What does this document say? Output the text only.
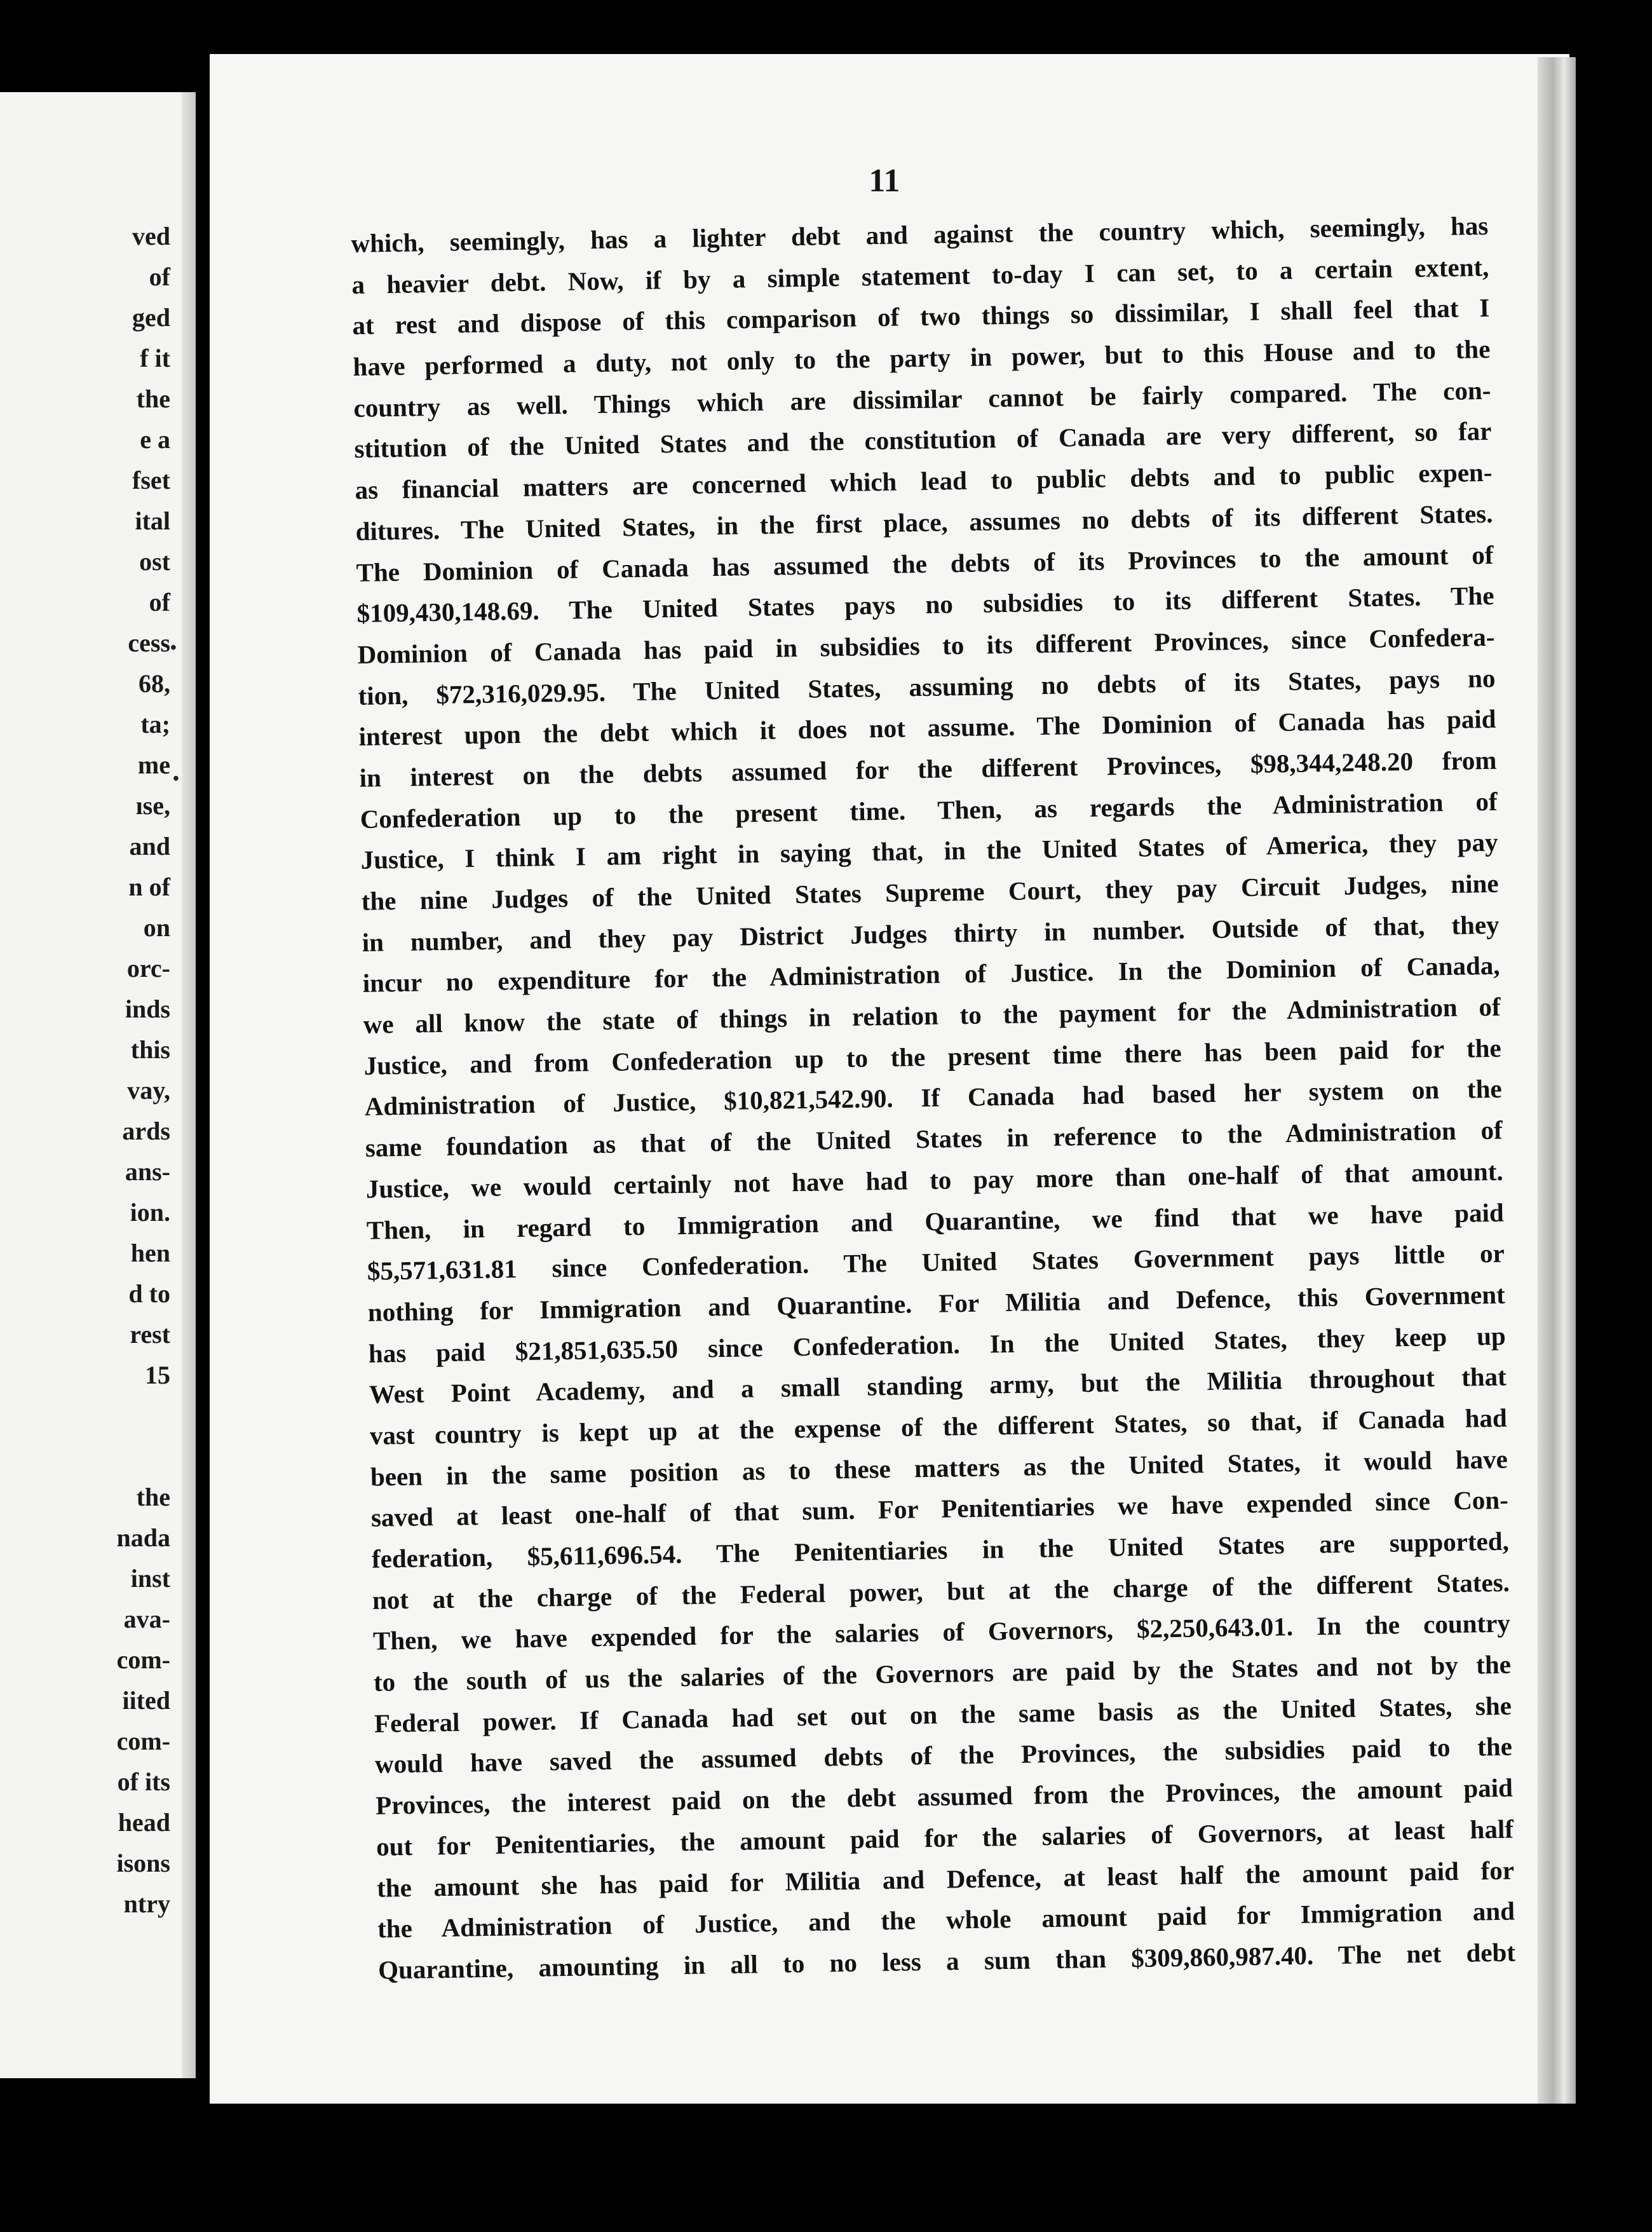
ved
of
ged
f it
the
e a
fset
ital
ost
of
cess
68,
ta;
me
ıse,
and
n of
on
orc-
inds
this
vay,
ards
ans-
ion.
hen
d to
rest
15
the
nada
inst
ava-
com-
iited
com-
of its
head
isons
ntry
•
•
11
which, seemingly, has a lighter debt and against the country which, seemingly, has
a heavier debt. Now, if by a simple statement to-day I can set, to a certain extent,
at rest and dispose of this comparison of two things so dissimilar, I shall feel that I
have performed a duty, not only to the party in power, but to this House and to the
country as well. Things which are dissimilar cannot be fairly compared. The con-
stitution of the United States and the constitution of Canada are very different, so far
as financial matters are concerned which lead to public debts and to public expen-
ditures. The United States, in the first place, assumes no debts of its different States.
The Dominion of Canada has assumed the debts of its Provinces to the amount of
$109,430,148.69. The United States pays no subsidies to its different States. The
Dominion of Canada has paid in subsidies to its different Provinces, since Confedera-
tion, $72,316,029.95. The United States, assuming no debts of its States, pays no
interest upon the debt which it does not assume. The Dominion of Canada has paid
in interest on the debts assumed for the different Provinces, $98,344,248.20 from
Confederation up to the present time. Then, as regards the Administration of
Justice, I think I am right in saying that, in the United States of America, they pay
the nine Judges of the United States Supreme Court, they pay Circuit Judges, nine
in number, and they pay District Judges thirty in number. Outside of that, they
incur no expenditure for the Administration of Justice. In the Dominion of Canada,
we all know the state of things in relation to the payment for the Administration of
Justice, and from Confederation up to the present time there has been paid for the
Administration of Justice, $10,821,542.90. If Canada had based her system on the
same foundation as that of the United States in reference to the Administration of
Justice, we would certainly not have had to pay more than one-half of that amount.
Then, in regard to Immigration and Quarantine, we find that we have paid
$5,571,631.81 since Confederation. The United States Government pays little or
nothing for Immigration and Quarantine. For Militia and Defence, this Government
has paid $21,851,635.50 since Confederation. In the United States, they keep up
West Point Academy, and a small standing army, but the Militia throughout that
vast country is kept up at the expense of the different States, so that, if Canada had
been in the same position as to these matters as the United States, it would have
saved at least one-half of that sum. For Penitentiaries we have expended since Con-
federation, $5,611,696.54. The Penitentiaries in the United States are supported,
not at the charge of the Federal power, but at the charge of the different States.
Then, we have expended for the salaries of Governors, $2,250,643.01. In the country
to the south of us the salaries of the Governors are paid by the States and not by the
Federal power. If Canada had set out on the same basis as the United States, she
would have saved the assumed debts of the Provinces, the subsidies paid to the
Provinces, the interest paid on the debt assumed from the Provinces, the amount paid
out for Penitentiaries, the amount paid for the salaries of Governors, at least half
the amount she has paid for Militia and Defence, at least half the amount paid for
the Administration of Justice, and the whole amount paid for Immigration and
Quarantine, amounting in all to no less a sum than $309,860,987.40. The net debt
